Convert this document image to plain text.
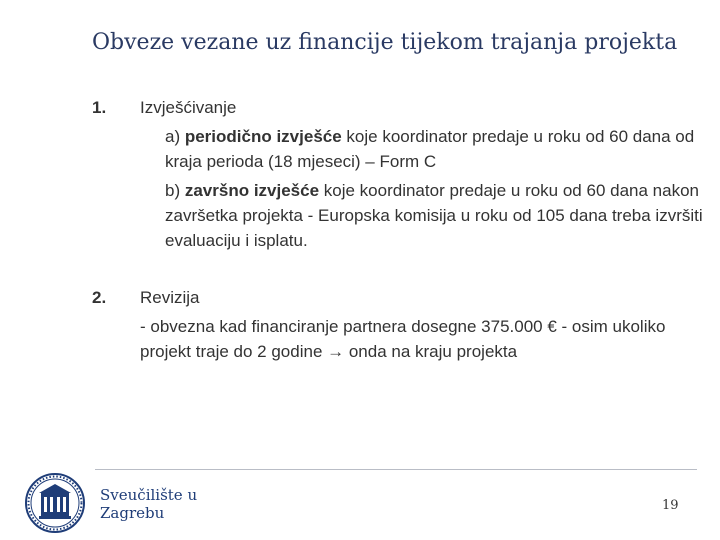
Obveze vezane uz financije tijekom trajanja projekta
1. Izvješćivanje
a) periodično izvješće koje koordinator predaje u roku od 60 dana od kraja perioda (18 mjeseci) – Form C
b) završno izvješće koje koordinator predaje u roku od 60 dana nakon završetka projekta - Europska komisija u roku od 105 dana treba izvršiti evaluaciju i isplatu.
2. Revizija
- obvezna kad financiranje partnera dosegne 375.000 € - osim ukoliko projekt traje do 2 godine → onda na kraju projekta
Sveučilište u
Zagrebu	19
